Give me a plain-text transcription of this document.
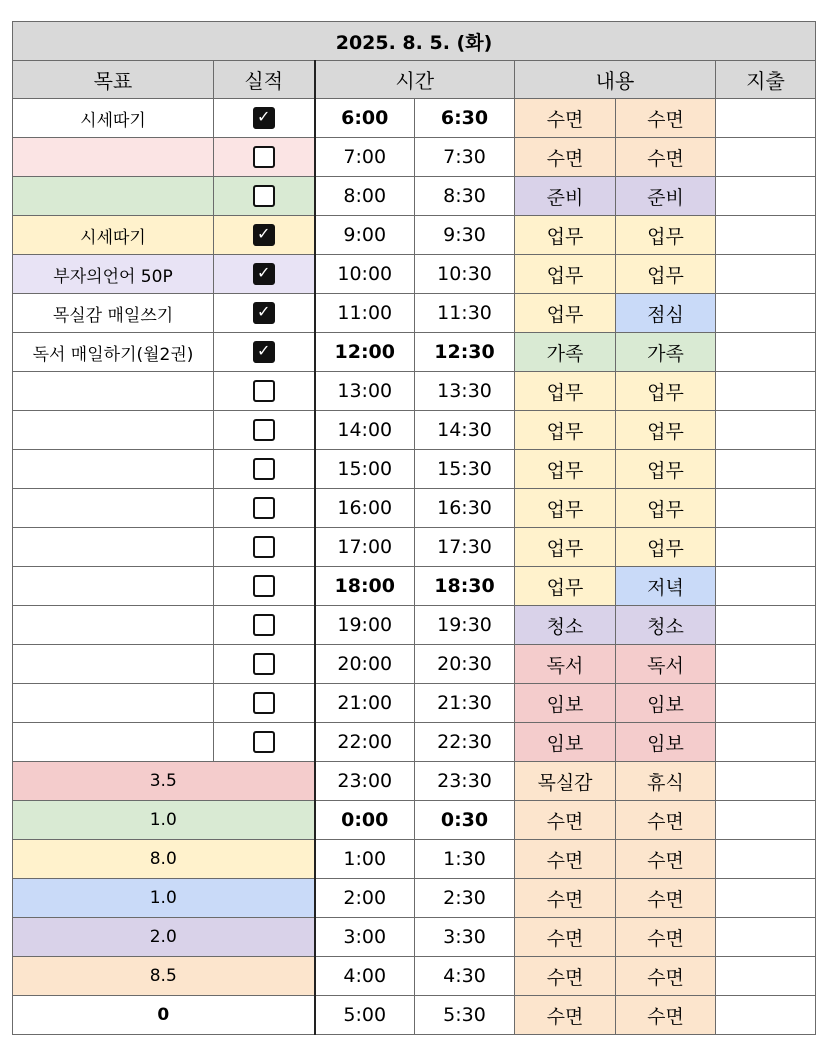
2025. 8. 5. (화)						
목표	실적	시간		내용		지출
시세따기	✓	6:00	6:30	수면	수면	
		7:00	7:30	수면	수면	
		8:00	8:30	준비	준비	
시세따기	✓	9:00	9:30	업무	업무	
부자의언어 50P	✓	10:00	10:30	업무	업무	
목실감 매일쓰기	✓	11:00	11:30	업무	점심	
독서 매일하기(월2권)	✓	12:00	12:30	가족	가족	
		13:00	13:30	업무	업무	
		14:00	14:30	업무	업무	
		15:00	15:30	업무	업무	
		16:00	16:30	업무	업무	
		17:00	17:30	업무	업무	
		18:00	18:30	업무	저녁	
		19:00	19:30	청소	청소	
		20:00	20:30	독서	독서	
		21:00	21:30	임보	임보	
		22:00	22:30	임보	임보	
3.5		23:00	23:30	목실감	휴식	
1.0		0:00	0:30	수면	수면	
8.0		1:00	1:30	수면	수면	
1.0		2:00	2:30	수면	수면	
2.0		3:00	3:30	수면	수면	
8.5		4:00	4:30	수면	수면	
0		5:00	5:30	수면	수면	
